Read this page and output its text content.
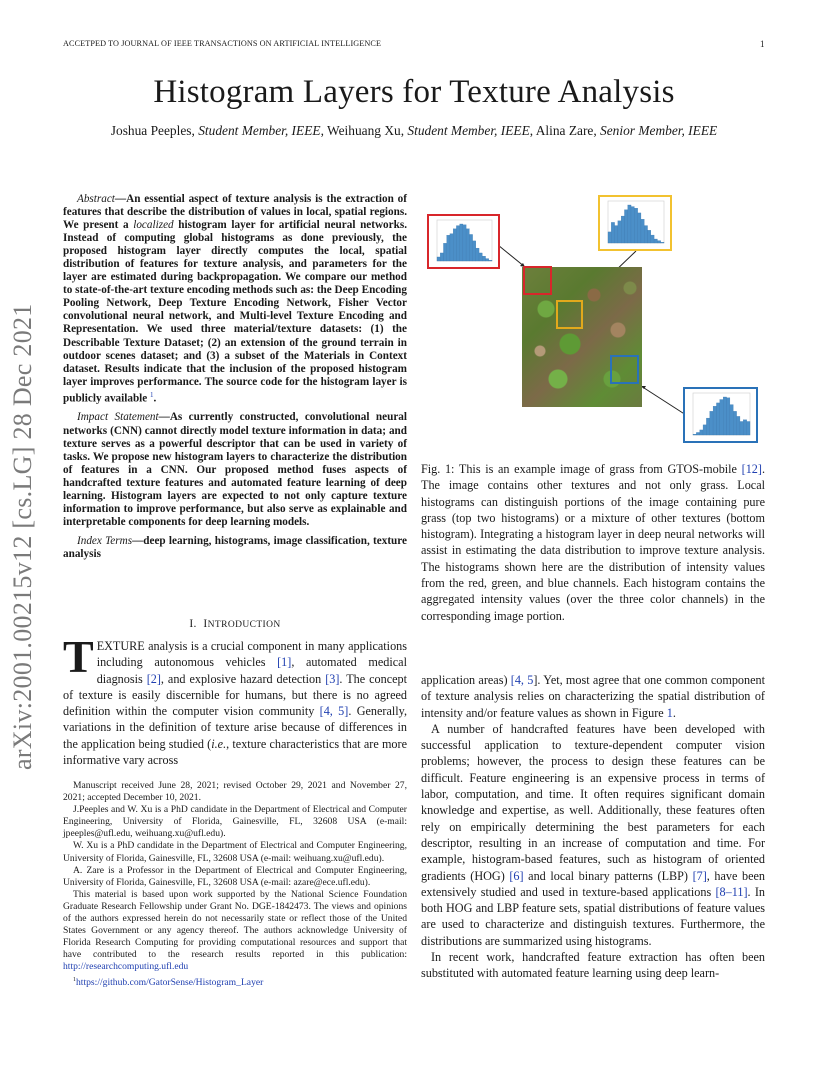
ACCETPED TO JOURNAL OF IEEE TRANSACTIONS ON ARTIFICIAL INTELLIGENCE	1
Histogram Layers for Texture Analysis
Joshua Peeples, Student Member, IEEE, Weihuang Xu, Student Member, IEEE, Alina Zare, Senior Member, IEEE
arXiv:2001.00215v12 [cs.LG] 28 Dec 2021

Abstract—An essential aspect of texture analysis is the extraction of features that describe the distribution of values in local, spatial regions. We present a localized histogram layer for artificial neural networks. Instead of computing global histograms as done previously, the proposed histogram layer directly computes the local, spatial distribution of features for texture analysis, and parameters for the layer are estimated during backpropagation. We compare our method to state-of-the-art texture encoding methods such as: the Deep Encoding Pooling Network, Deep Texture Encoding Network, Fisher Vector convolutional neural network, and Multi-level Texture Encoding and Representation. We used three material/texture datasets: (1) the Describable Texture Dataset; (2) an extension of the ground terrain in outdoor scenes dataset; and (3) a subset of the Materials in Context dataset. Results indicate that the inclusion of the proposed histogram layer improves performance. The source code for the histogram layer is publicly available $^1$.

Impact Statement—As currently constructed, convolutional neural networks (CNN) cannot directly model texture information in data; and texture serves as a powerful descriptor that can be used in variety of tasks. We propose new histogram layers to characterize the distribution of features in a CNN. Our proposed method fuses aspects of handcrafted texture features and automated feature learning of deep learning. Histogram layers are expected to not only capture texture information to improve performance, but also serve as explainable and interpretable components for deep learning models.

Index Terms—deep learning, histograms, image classification, texture analysis

I. INTRODUCTION

TEXTURE analysis is a crucial component in many applications including autonomous vehicles [1], automated medical diagnosis [2], and explosive hazard detection [3]. The concept of texture is easily discernible for humans, but there is no agreed definition within the computer vision community [4, 5]. Generally, variations in the definition of texture arise because of differences in the application being studied (i.e., texture characteristics that are more informative vary across

Manuscript received June 28, 2021; revised October 29, 2021 and November 27, 2021; accepted December 10, 2021.

J.Peeples and W. Xu is a PhD candidate in the Department of Electrical and Computer Engineering, University of Florida, Gainesville, FL, 32608 USA (e-mail: jpeeples@ufl.edu, weihuang.xu@ufl.edu).

W. Xu is a PhD candidate in the Department of Electrical and Computer Engineering, University of Florida, Gainesville, FL, 32608 USA (e-mail: weihuang.xu@ufl.edu).

A. Zare is a Professor in the Department of Electrical and Computer Engineering, University of Florida, Gainesville, FL, 32608 USA (e-mail: azare@ece.ufl.edu).

This material is based upon work supported by the National Science Foundation Graduate Research Fellowship under Grant No. DGE-1842473. The views and opinions of the authors expressed herein do not necessarily state or reflect those of the United States Government or any agency thereof. The authors acknowledge University of Florida Research Computing for providing computational resources and support that have contributed to the research results reported in this publication: http://researchcomputing.ufl.edu

$^1$https://github.com/GatorSense/Histogram_Layer

Fig. 1: This is an example image of grass from GTOS-mobile [12]. The image contains other textures and not only grass. Local histograms can distinguish portions of the image containing pure grass (top two histograms) or a mixture of other textures (bottom histogram). Integrating a histogram layer in deep neural networks will assist in estimating the data distribution to improve texture analysis. The histograms shown here are the distribution of intensity values from the red, green, and blue channels. Each histogram contains the aggregated intensity values (over the three color channels) in the corresponding image portion.

application areas) [4, 5]. Yet, most agree that one common component of texture analysis relies on characterizing the spatial distribution of intensity and/or feature values as shown in Figure 1.

A number of handcrafted features have been developed with successful application to texture-dependent computer vision problems; however, the process to design these features can be difficult. Feature engineering is an expensive process in terms of labor, computation, and time. It often requires significant domain knowledge and expertise, as well. Additionally, these features often rely on empirically determining the best parameters for each descriptor, resulting in an increase of computation and time. For example, histogram-based features, such as histogram of oriented gradients (HOG) [6] and local binary patterns (LBP) [7], have been extensively studied and used in texture-based applications [8–11]. In both HOG and LBP feature sets, spatial distributions of feature values are used to characterize and distinguish textures. Furthermore, the distributions are summarized using histograms.

In recent work, handcrafted feature extraction has often been substituted with automated feature learning using deep learn-
